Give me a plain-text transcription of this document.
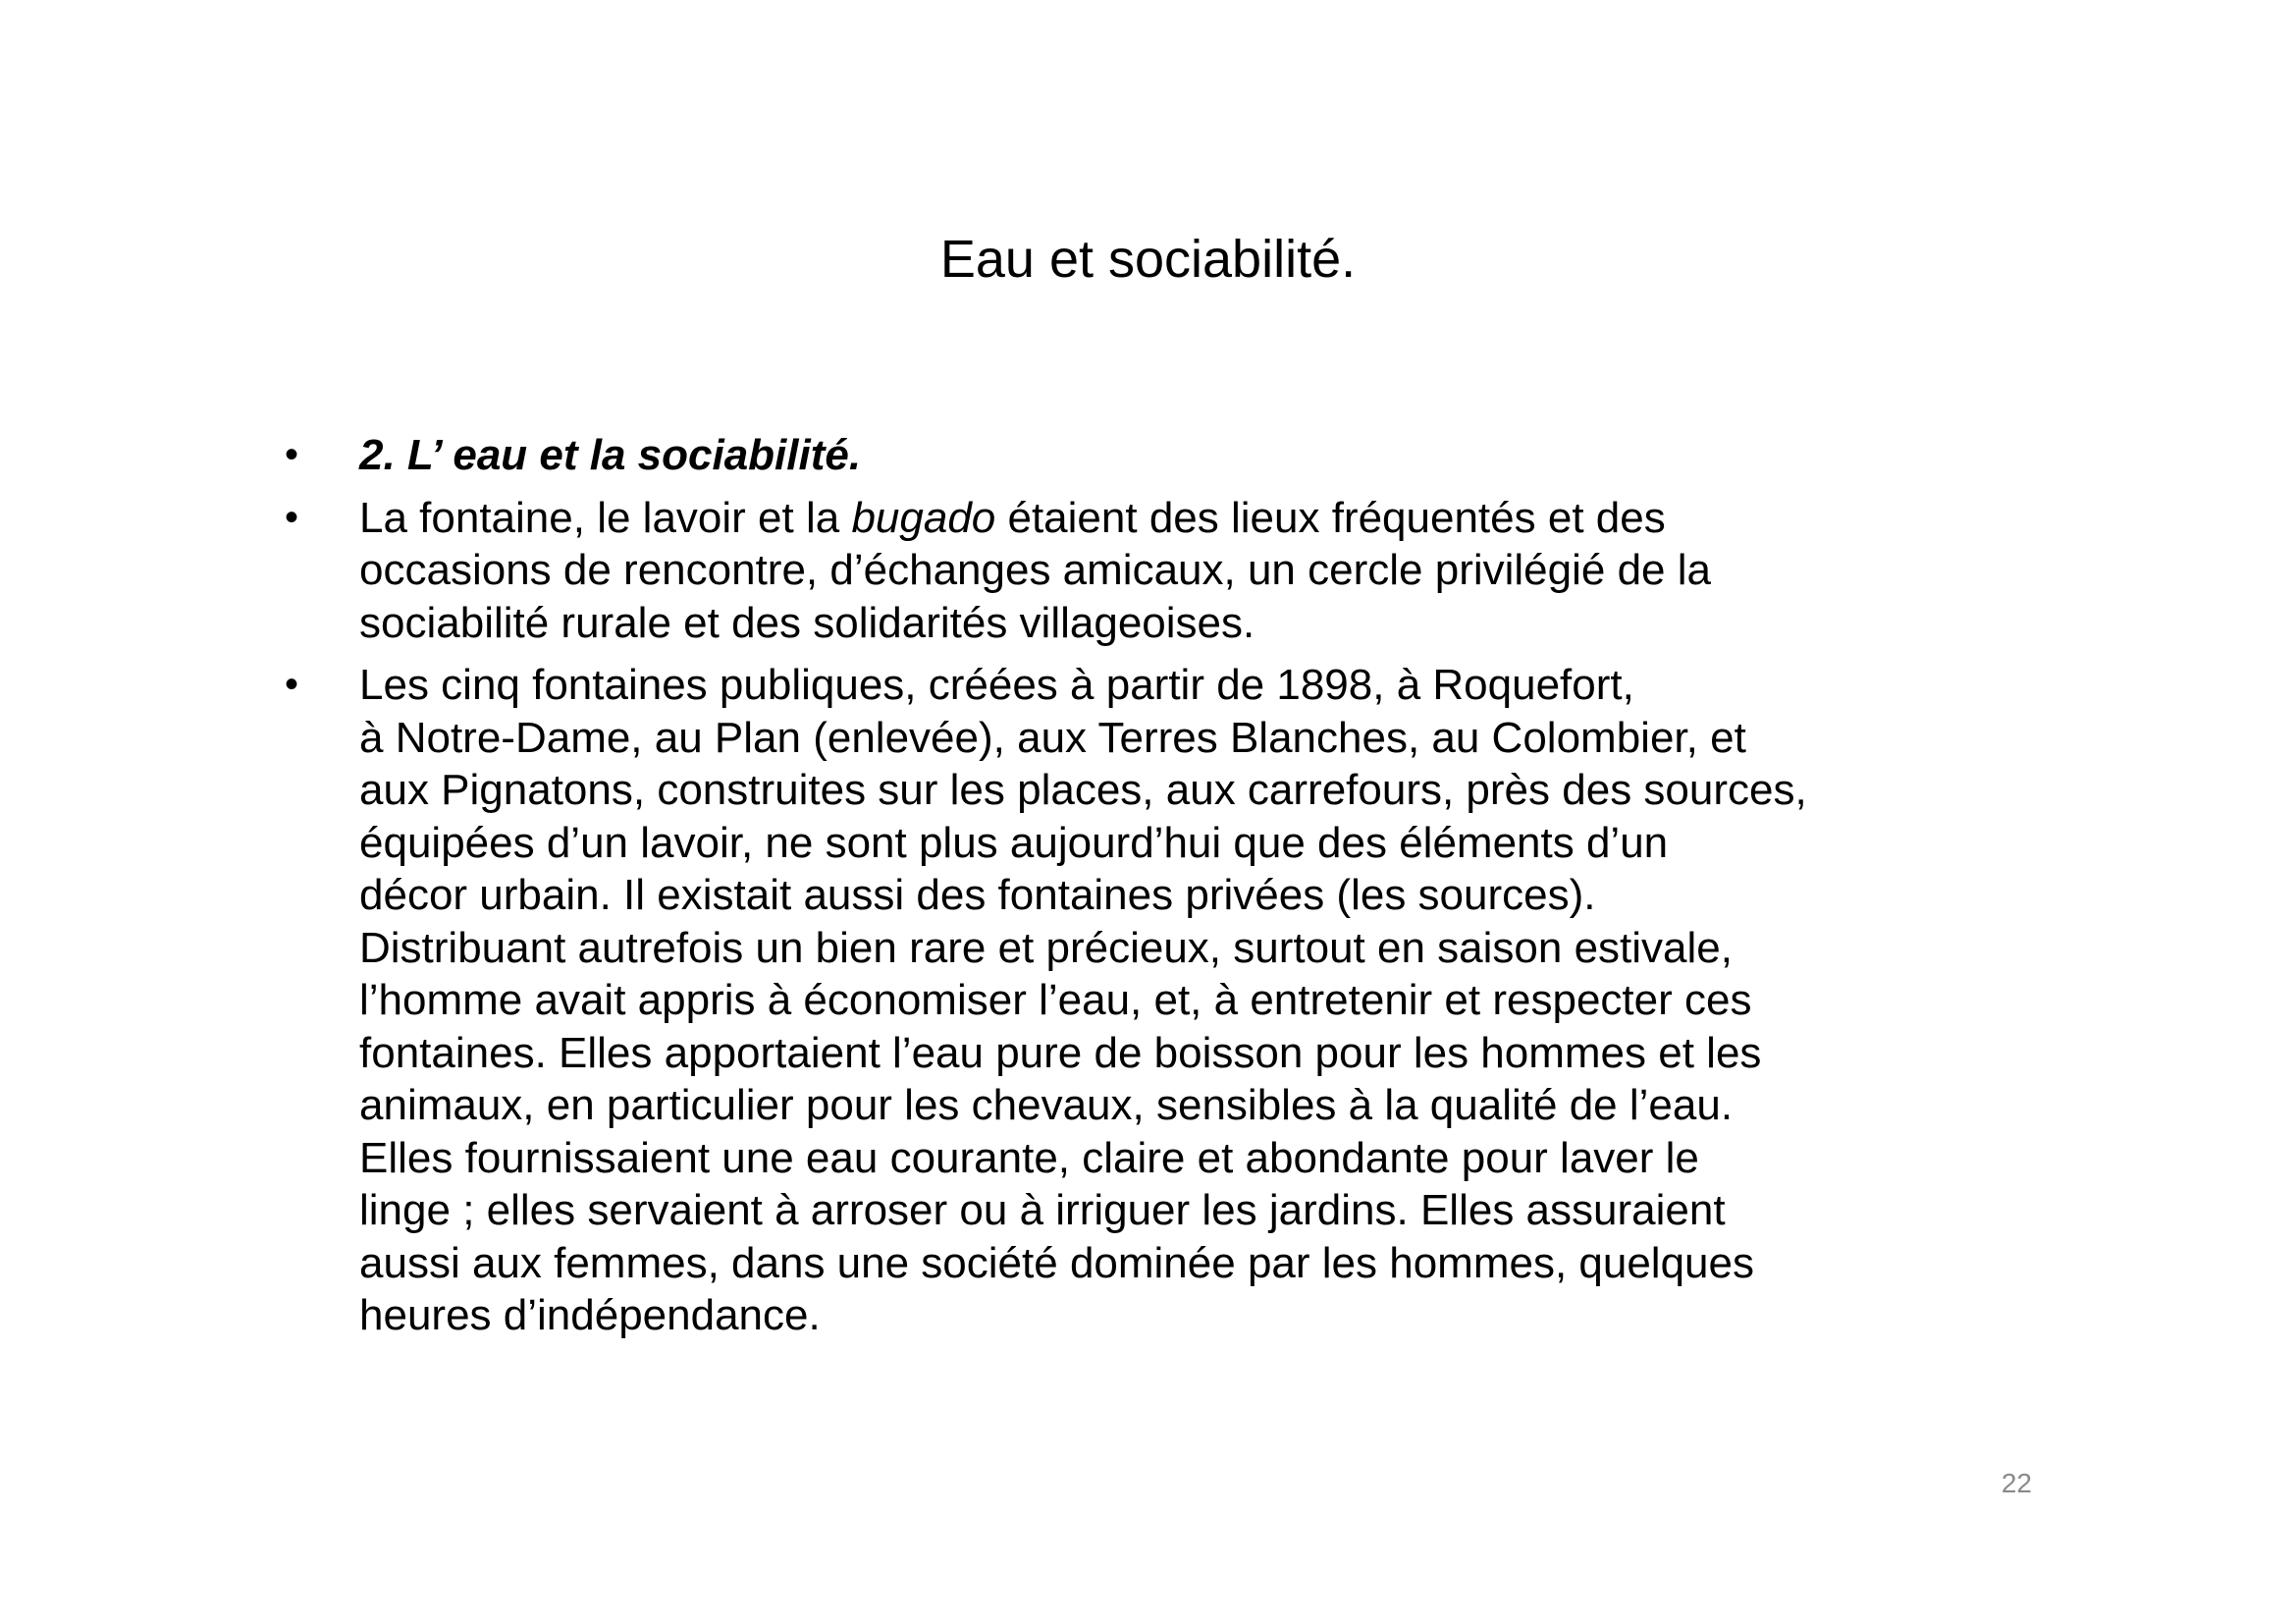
Eau et sociabilité.
•	2. L’ eau et la sociabilité.
•	La fontaine, le lavoir et la bugado étaient des lieux fréquentés et des
occasions de rencontre, d’échanges amicaux, un cercle privilégié de la
sociabilité rurale et des solidarités villageoises.
•	Les cinq fontaines publiques, créées à partir de 1898, à Roquefort,
à Notre-Dame, au Plan (enlevée), aux Terres Blanches, au Colombier, et
aux Pignatons, construites sur les places, aux carrefours, près des sources,
équipées d’un lavoir, ne sont plus aujourd’hui que des éléments d’un
décor urbain. Il existait aussi des fontaines privées (les sources).
Distribuant autrefois un bien rare et précieux, surtout en saison estivale,
l’homme avait appris à économiser l’eau, et, à entretenir et respecter ces
fontaines. Elles apportaient l’eau pure de boisson pour les hommes et les
animaux, en particulier pour les chevaux, sensibles à la qualité de l’eau.
Elles fournissaient une eau courante, claire et abondante pour laver le
linge ; elles servaient à arroser ou à irriguer les jardins. Elles assuraient
aussi aux femmes, dans une société dominée par les hommes, quelques
heures d’indépendance.
22
